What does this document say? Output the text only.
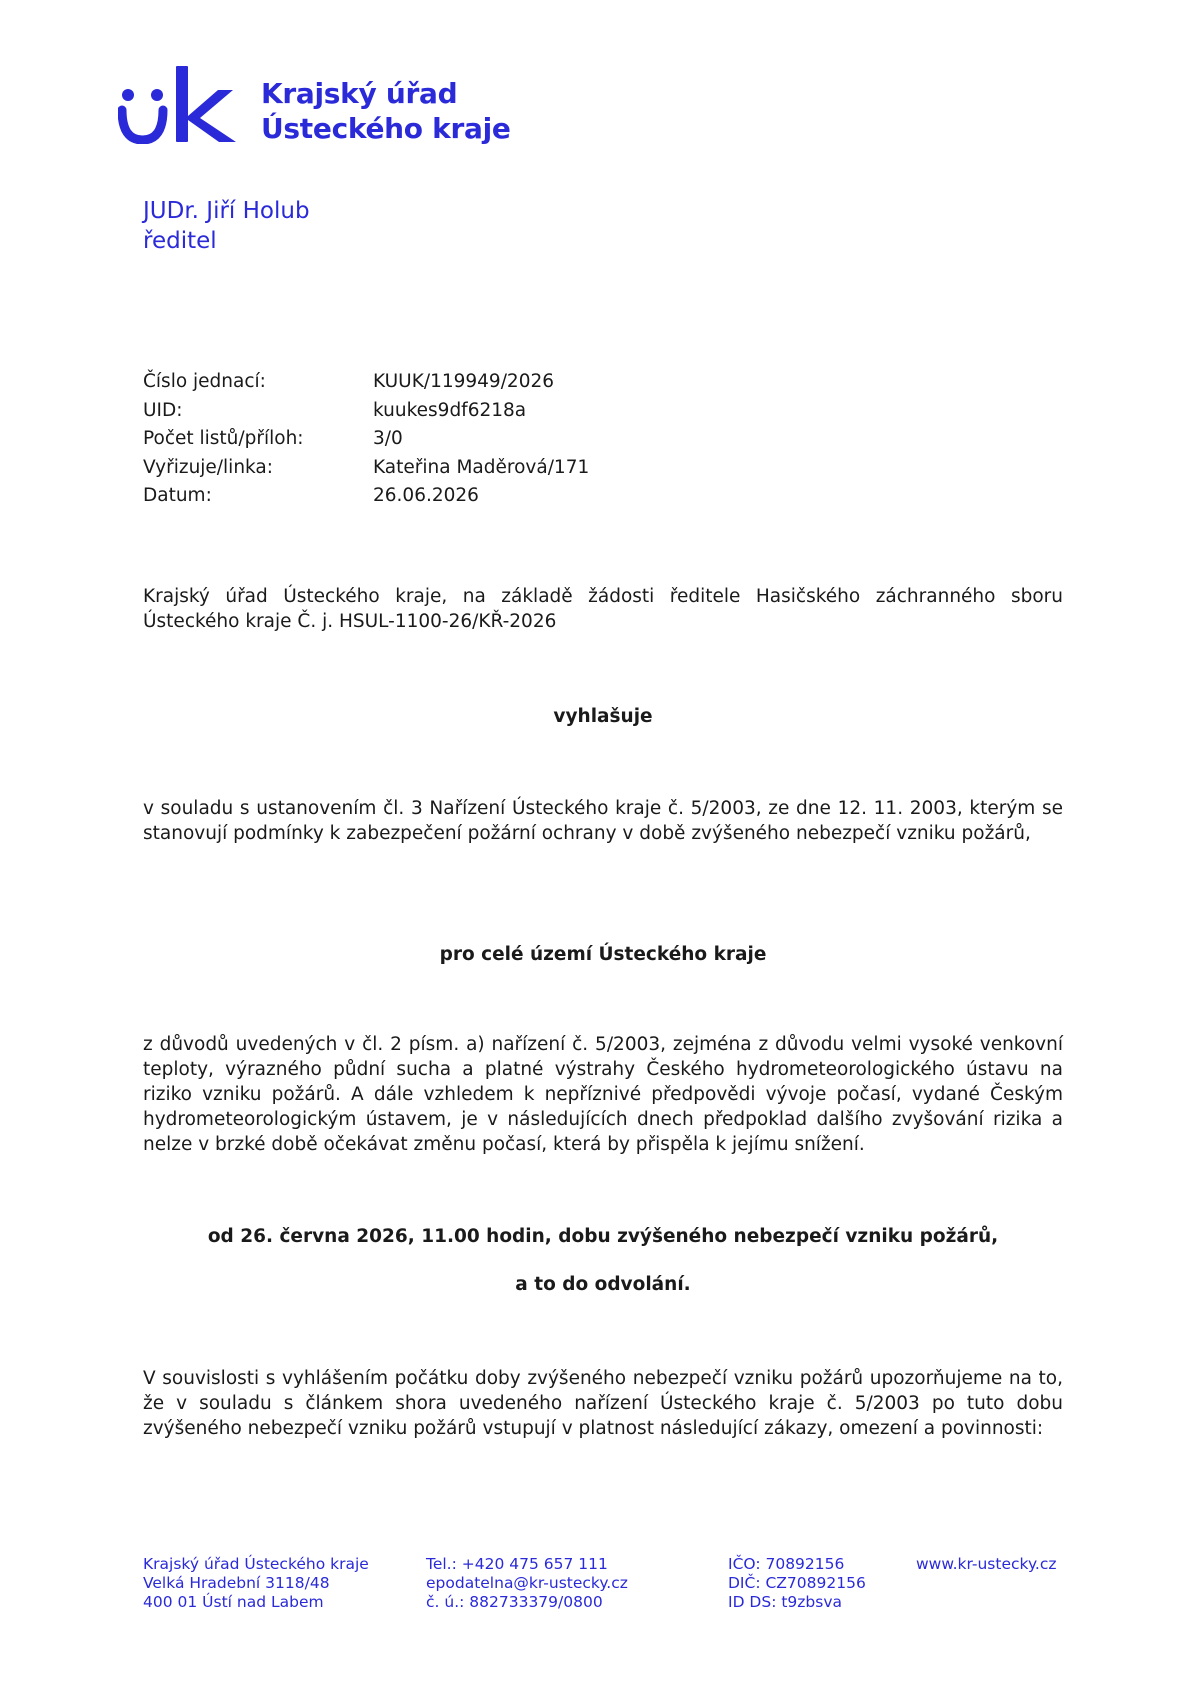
Krajský úřad
Ústeckého kraje
JUDr. Jiří Holub
ředitel
Číslo jednací:	KUUK/119949/2026
UID:	kuukes9df6218a
Počet listů/příloh:	3/0
Vyřizuje/linka:	Kateřina Maděrová/171
Datum:	26.06.2026
Krajský úřad Ústeckého kraje, na základě žádosti ředitele Hasičského záchranného sboru Ústeckého kraje Č. j. HSUL-1100-26/KŘ-2026
vyhlašuje
v souladu s ustanovením čl. 3 Nařízení Ústeckého kraje č. 5/2003, ze dne 12. 11. 2003, kterým se stanovují podmínky k zabezpečení požární ochrany v době zvýšeného nebezpečí vzniku požárů,
pro celé území Ústeckého kraje
z důvodů uvedených v čl. 2 písm. a) nařízení č. 5/2003, zejména z důvodu velmi vysoké venkovní teploty, výrazného půdní sucha a platné výstrahy Českého hydrometeorologického ústavu na riziko vzniku požárů. A dále vzhledem k nepříznivé předpovědi vývoje počasí, vydané Českým hydrometeorologickým ústavem, je v následujících dnech předpoklad dalšího zvyšování rizika a nelze v brzké době očekávat změnu počasí, která by přispěla k jejímu snížení.
od 26. června 2026, 11.00 hodin, dobu zvýšeného nebezpečí vzniku požárů,
a to do odvolání.
V souvislosti s vyhlášením počátku doby zvýšeného nebezpečí vzniku požárů upozorňujeme na to, že v souladu s článkem shora uvedeného nařízení Ústeckého kraje č. 5/2003 po tuto dobu zvýšeného nebezpečí vzniku požárů vstupují v platnost následující zákazy, omezení a povinnosti:
Krajský úřad Ústeckého kraje
Velká Hradební 3118/48
400 01 Ústí nad Labem
Tel.: +420 475 657 111
epodatelna@kr-ustecky.cz
č. ú.: 882733379/0800
IČO: 70892156
DIČ: CZ70892156
ID DS: t9zbsva
www.kr-ustecky.cz
